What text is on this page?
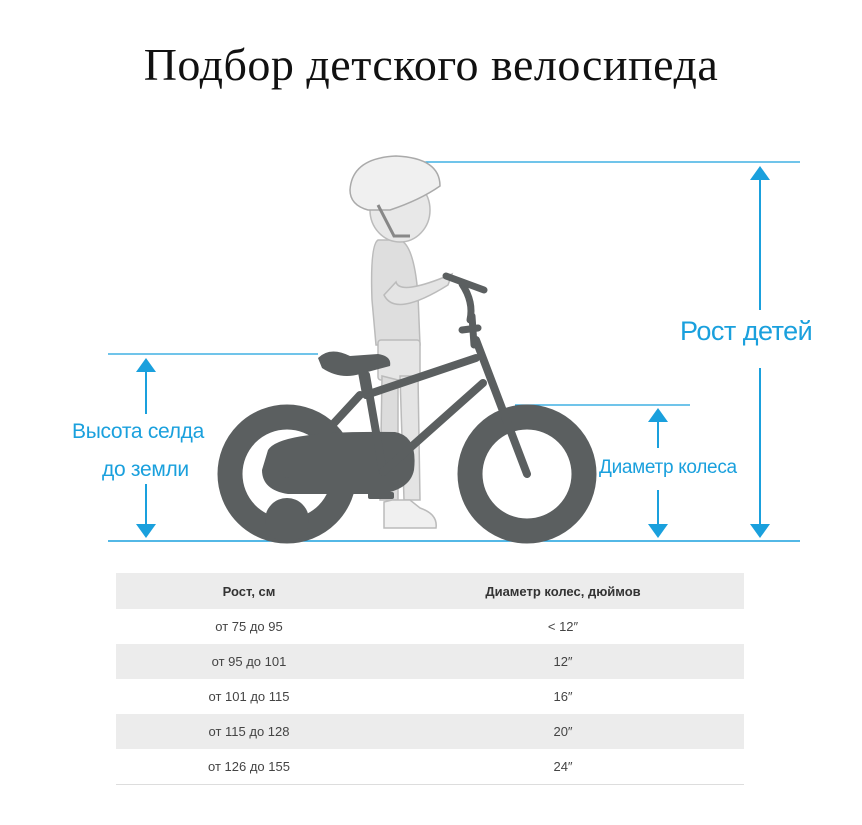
Подбор детского велосипеда
Рост детей
Диаметр колеса
Высота селда
до земли
Рост, см	Диаметр колес, дюймов
от 75 до 95	< 12″
от 95 до 101	12″
от 101 до 115	16″
от 115 до 128	20″
от 126 до 155	24″
